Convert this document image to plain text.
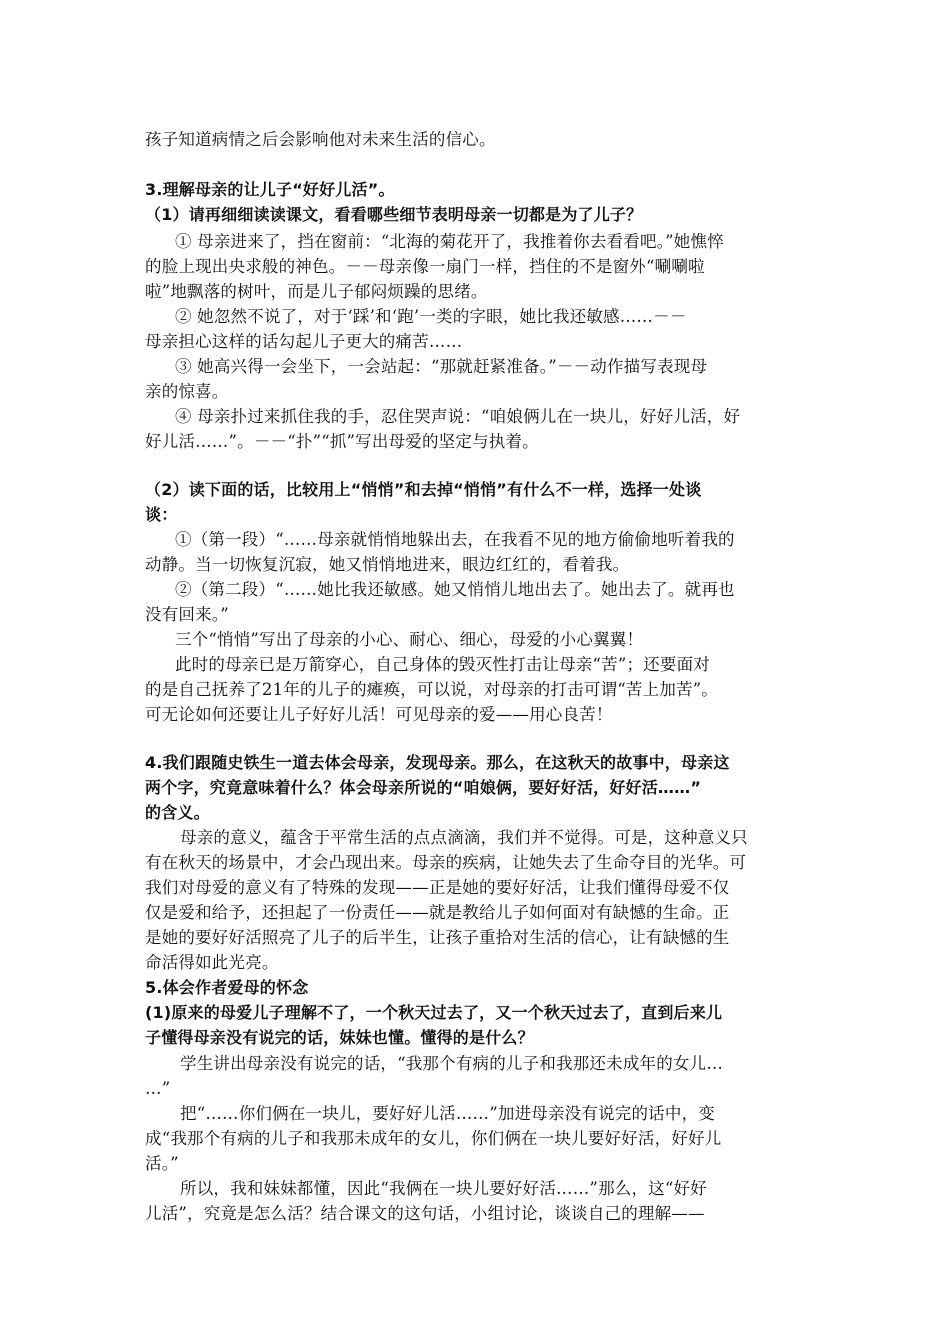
孩子知道病情之后会影响他对未来生活的信心。
3.理解母亲的让儿子“好好儿活”。
（1）请再细细读读课文，看看哪些细节表明母亲一切都是为了儿子？
① 母亲进来了，挡在窗前：“北海的菊花开了，我推着你去看看吧。”她憔悴
的脸上现出央求般的神色。－－母亲像一扇门一样，挡住的不是窗外“唰唰啦
啦”地飘落的树叶，而是儿子郁闷烦躁的思绪。
② 她忽然不说了，对于‘踩’和‘跑’一类的字眼，她比我还敏感……－－
母亲担心这样的话勾起儿子更大的痛苦……
③ 她高兴得一会坐下，一会站起：“那就赶紧准备。”－－动作描写表现母
亲的惊喜。
④ 母亲扑过来抓住我的手，忍住哭声说：“咱娘俩儿在一块儿，好好儿活，好
好儿活……”。－－“扑”“抓”写出母爱的坚定与执着。
（2）读下面的话，比较用上“悄悄”和去掉“悄悄”有什么不一样，选择一处谈
谈：
①（第一段）“……母亲就悄悄地躲出去，在我看不见的地方偷偷地听着我的
动静。当一切恢复沉寂，她又悄悄地进来，眼边红红的，看着我。
②（第二段）“……她比我还敏感。她又悄悄儿地出去了。她出去了。就再也
没有回来。”
三个“悄悄”写出了母亲的小心、耐心、细心，母爱的小心翼翼！
此时的母亲已是万箭穿心，自己身体的毁灭性打击让母亲“苦”；还要面对
的是自己抚养了21年的儿子的瘫痪，可以说，对母亲的打击可谓“苦上加苦”。
可无论如何还要让儿子好好儿活！可见母亲的爱——用心良苦！
4.我们跟随史铁生一道去体会母亲，发现母亲。那么，在这秋天的故事中，母亲这
两个字，究竟意味着什么？体会母亲所说的“咱娘俩，要好好活，好好活……”
的含义。
母亲的意义，蕴含于平常生活的点点滴滴，我们并不觉得。可是，这种意义只
有在秋天的场景中，才会凸现出来。母亲的疾病，让她失去了生命夺目的光华。可
我们对母爱的意义有了特殊的发现——正是她的要好好活，让我们懂得母爱不仅
仅是爱和给予，还担起了一份责任——就是教给儿子如何面对有缺憾的生命。正
是她的要好好活照亮了儿子的后半生，让孩子重拾对生活的信心，让有缺憾的生
命活得如此光亮。
5.体会作者爱母的怀念
(1)原来的母爱儿子理解不了，一个秋天过去了，又一个秋天过去了，直到后来儿
子懂得母亲没有说完的话，妹妹也懂。懂得的是什么？
学生讲出母亲没有说完的话，“我那个有病的儿子和我那还未成年的女儿…
…”
把“……你们俩在一块儿，要好好儿活……”加进母亲没有说完的话中，变
成“我那个有病的儿子和我那未成年的女儿，你们俩在一块儿要好好活，好好儿
活。”
所以，我和妹妹都懂，因此“我俩在一块儿要好好活……”那么，这“好好
儿活”，究竟是怎么活？结合课文的这句话，小组讨论，谈谈自己的理解——
